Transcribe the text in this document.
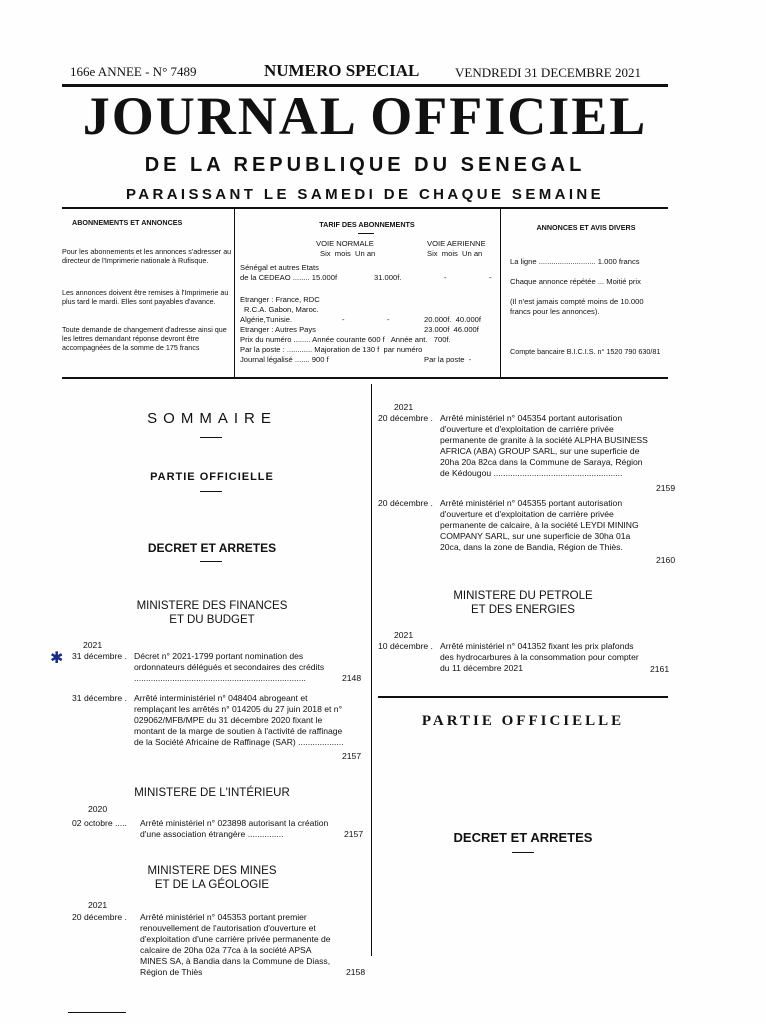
166e ANNEE - N° 7489	NUMERO SPECIAL	VENDREDI 31 DECEMBRE 2021
JOURNAL OFFICIEL
DE LA REPUBLIQUE DU SENEGAL
PARAISSANT LE SAMEDI DE CHAQUE SEMAINE
ABONNEMENTS ET ANNONCES
Pour les abonnements et les annonces s'adresser au directeur de l'Imprimerie nationale à Rufisque.
Les annonces doivent être remises à l'Imprimerie au plus tard le mardi. Elles sont payables d'avance.
Toute demande de changement d'adresse ainsi que les lettres demandant réponse devront être accompagnées de la somme de 175 francs
TARIF DES ABONNEMENTS
VOIE NORMALE	VOIE AERIENNE
Six  mois  Un an	Six  mois  Un an
Sénégal et autres Etats
de la CEDEAO ........ 15.000f	31.000f.	-	-
Etranger : France, RDC
R.C.A. Gabon, Maroc.
Algérie,Tunisie.	-	-	20.000f.  40.000f
Etranger : Autres Pays	23.000f  46.000f
Prix du numéro ........ Année courante 600 f   Année ant.   700f.
Par la poste : ............ Majoration de 130 f  par numéro
Journal légalisé ....... 900 f	Par la poste  -
ANNONCES ET AVIS DIVERS
La ligne ........................... 1.000 francs
Chaque annonce répétée ... Moitié prix
(Il n'est jamais compté moins de 10.000 francs pour les annonces).
Compte bancaire B.I.C.I.S. n° 1520 790 630/81
SOMMAIRE
PARTIE OFFICIELLE
DECRET ET ARRETES
MINISTERE DES FINANCES
ET DU BUDGET
2021
✱ 31 décembre . Décret n° 2021-1799 portant nomination des ordonnateurs délégués et secondaires des crédits ........................................................................	2148
31 décembre . Arrêté interministériel n° 048404 abrogeant et remplaçant les arrêtés n° 014205 du 27 juin 2018 et n° 029062/MFB/MPE du 31 décembre 2020 fixant le montant de la marge de soutien à l'activité de raffinage de la Société Africaine de Raffinage (SAR) ...................
2157
MINISTERE DE L'INTÉRIEUR
2020
02 octobre ..... Arrêté ministériel n° 023898 autorisant la création d'une association étrangère ...............	2157
MINISTERE DES MINES
ET DE LA GÉOLOGIE
2021
20 décembre . Arrêté ministériel n° 045353 portant premier renouvellement de l'autorisation d'ouverture et d'exploitation d'une carrière privée permanente de calcaire de 20ha 02a 77ca à la société APSA MINES SA, à Bandia dans la Commune de Diass, Région de Thiès	2158
2021
20 décembre . Arrêté ministériel n° 045354 portant autorisation d'ouverture et d'exploitation de carrière privée permanente de granite à la société ALPHA BUSINESS AFRICA (ABA) GROUP SARL, sur une superficie de 20ha 20a 82ca dans la Commune de Saraya, Région de Kédougou ......................................................
2159
20 décembre . Arrêté ministériel n° 045355 portant autorisation d'ouverture et d'exploitation de carrière privée permanente de calcaire, à la société LEYDI MINING COMPANY SARL, sur une superficie de 30ha 01a 20ca, dans la zone de Bandia, Région de Thiès.
2160
MINISTERE DU PETROLE
ET DES ENERGIES
2021
10 décembre . Arrêté ministériel n° 041352 fixant les prix plafonds des hydrocarbures à la consommation pour compter du 11 décembre 2021	2161
PARTIE OFFICIELLE
DECRET ET ARRETES
